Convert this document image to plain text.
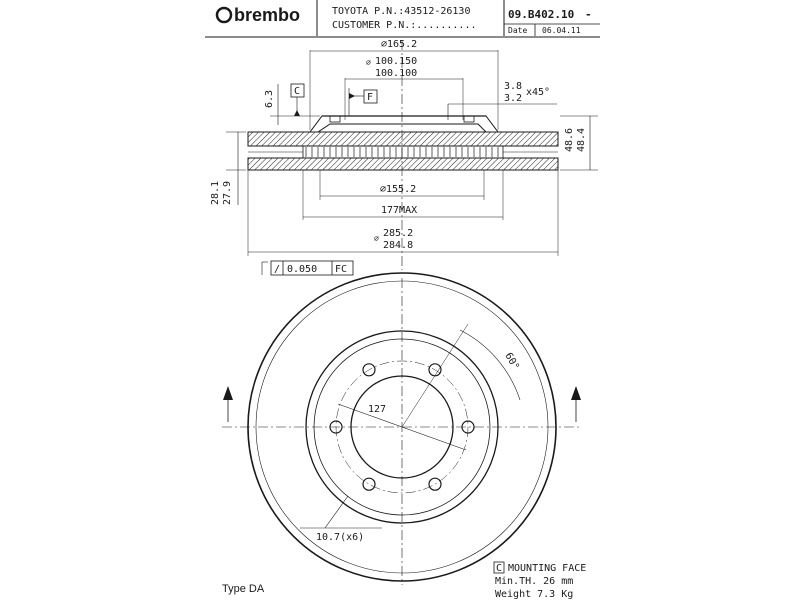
brembo	TOYOTA P.N.:43512-26130
CUSTOMER P.N.:..........
09.B402.10 -
Date 06.04.11
∅165.2
∅ 100.150
100.100
6.3 C
F
3.8
3.2
x45°
48.6 48.4
28.1 27.9	∅155.2
177MAX
∅ 285.2
284.8
/ 0.050 FC
127
60°
10.7(x6)
Type DA
C MOUNTING FACE
Min.TH. 26 mm
Weight 7.3 Kg
